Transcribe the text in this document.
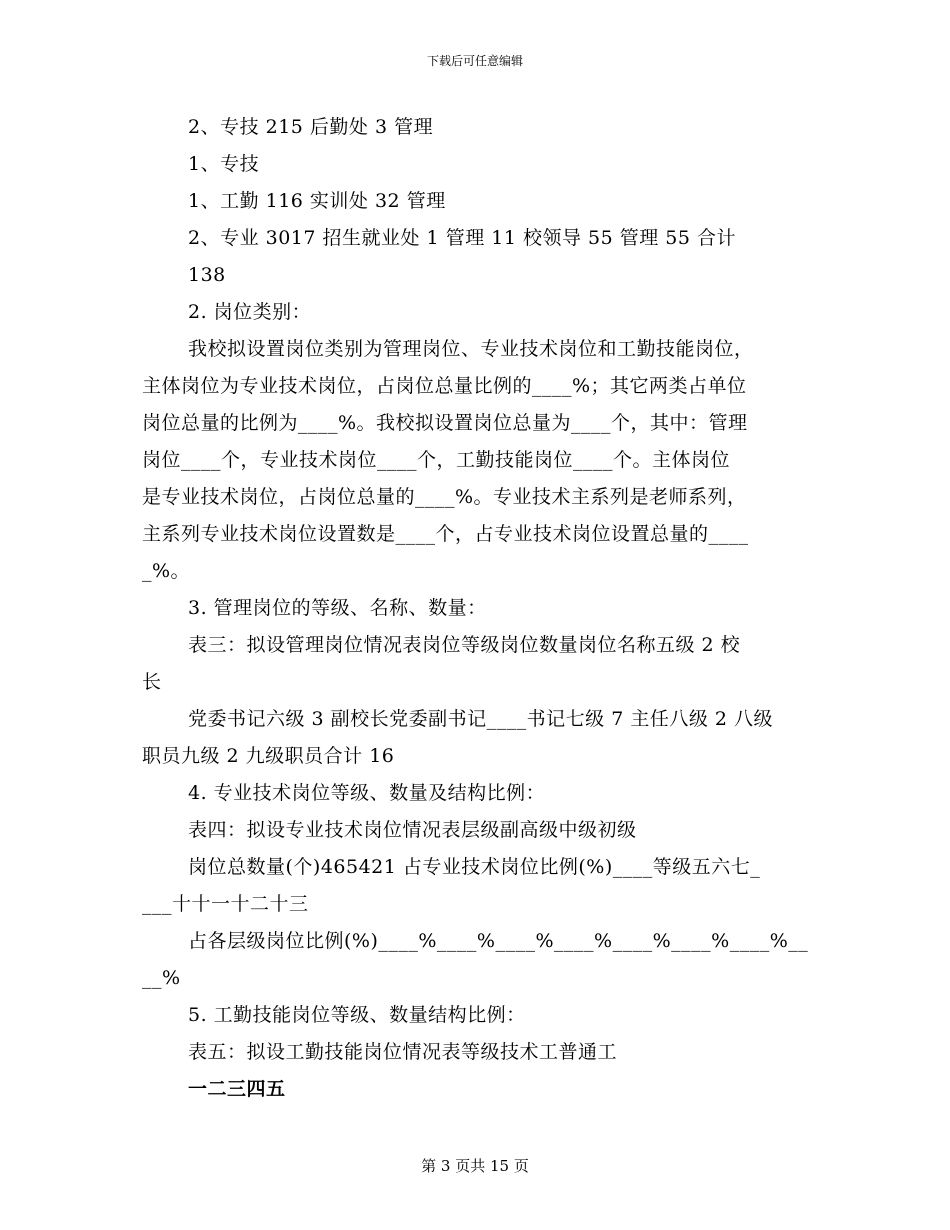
下载后可任意编辑
2、专技 215 后勤处 3 管理
1、专技
1、工勤 116 实训处 32 管理
2、专业 3017 招生就业处 1 管理 11 校领导 55 管理 55 合计
138
2. 岗位类别：
我校拟设置岗位类别为管理岗位、专业技术岗位和工勤技能岗位，
主体岗位为专业技术岗位，占岗位总量比例的____%；其它两类占单位
岗位总量的比例为____%。我校拟设置岗位总量为____个，其中：管理
岗位____个，专业技术岗位____个，工勤技能岗位____个。主体岗位
是专业技术岗位，占岗位总量的____%。专业技术主系列是老师系列，
主系列专业技术岗位设置数是____个，占专业技术岗位设置总量的____
_%。
3. 管理岗位的等级、名称、数量：
表三：拟设管理岗位情况表岗位等级岗位数量岗位名称五级 2 校
长
党委书记六级 3 副校长党委副书记____书记七级 7 主任八级 2 八级
职员九级 2 九级职员合计 16
4. 专业技术岗位等级、数量及结构比例：
表四：拟设专业技术岗位情况表层级副高级中级初级
岗位总数量(个)465421 占专业技术岗位比例(%)____等级五六七_
___十十一十二十三
占各层级岗位比例(%)____%____%____%____%____%____%____%__
__%
5. 工勤技能岗位等级、数量结构比例：
表五：拟设工勤技能岗位情况表等级技术工普通工
一二三四五
第 3 页共 15 页
